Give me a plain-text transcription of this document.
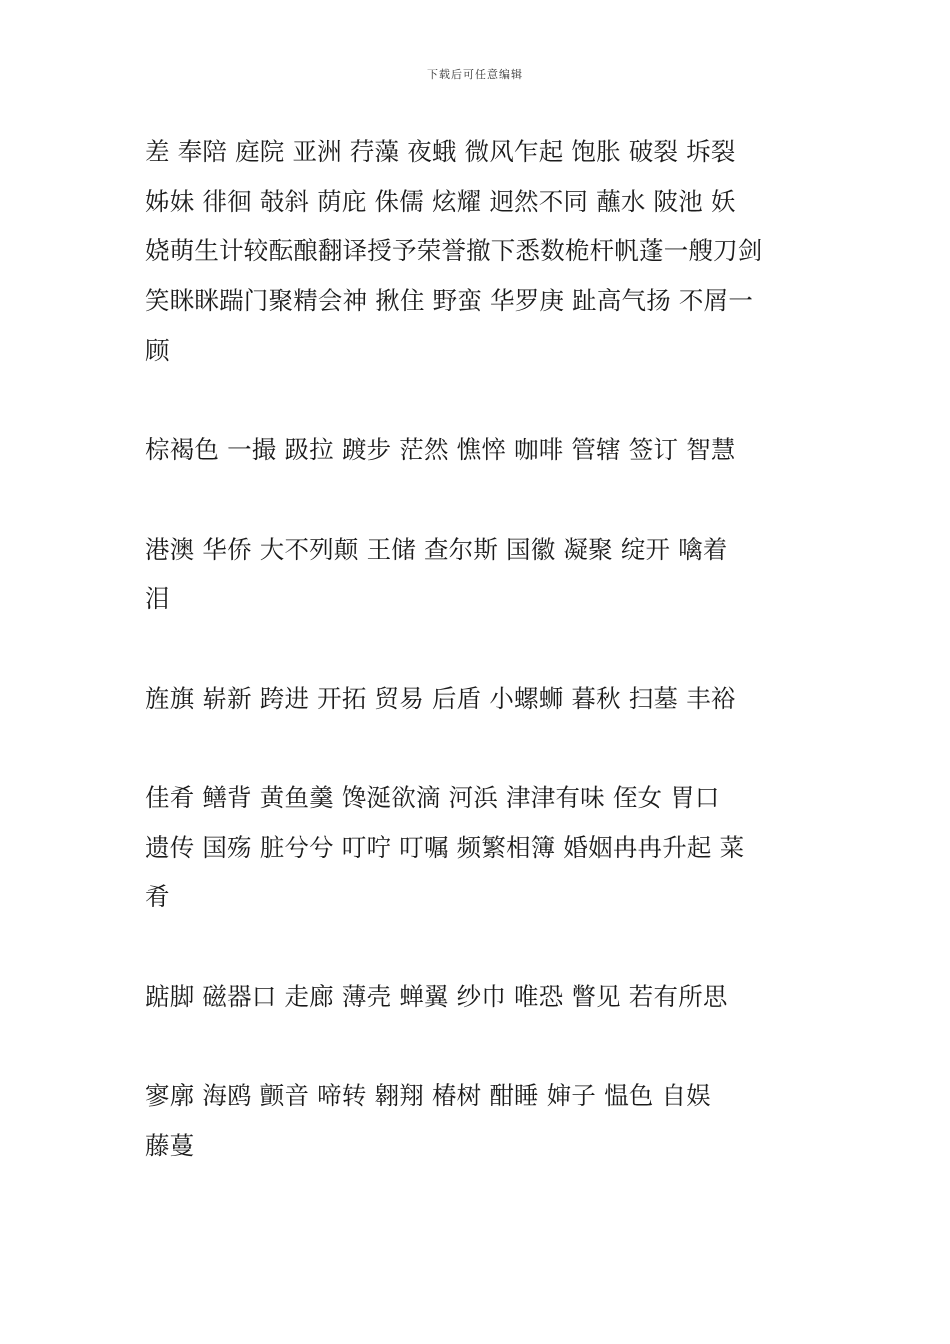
下载后可任意编辑

差 奉陪 庭院 亚洲 荇藻 夜蛾 微风乍起 饱胀 破裂 坼裂
姊妹 徘徊 攲斜 荫庇 侏儒 炫耀 迥然不同 蘸水 陂池 妖
娆萌生计较酝酿翻译授予荣誉撤下悉数桅杆帆蓬一艘刀剑
笑眯眯踹门聚精会神 揪住 野蛮 华罗庚 趾高气扬 不屑一
顾

棕褐色 一撮 趿拉 踱步 茫然 憔悴 咖啡 管辖 签订 智慧

港澳 华侨 大不列颠 王储 查尔斯 国徽 凝聚 绽开 噙着
泪

旌旗 崭新 跨进 开拓 贸易 后盾 小螺蛳 暮秋 扫墓 丰裕

佳肴 鳝背 黄鱼羹 馋涎欲滴 河浜 津津有味 侄女 胃口
遗传 国殇 脏兮兮 叮咛 叮嘱 频繁相簿 婚姻冉冉升起 菜
肴

踮脚 磁器口 走廊 薄壳 蝉翼 纱巾 唯恐 瞥见 若有所思

寥廓 海鸥 颤音 啼转 翱翔 椿树 酣睡 婶子 愠色 自娱
藤蔓
